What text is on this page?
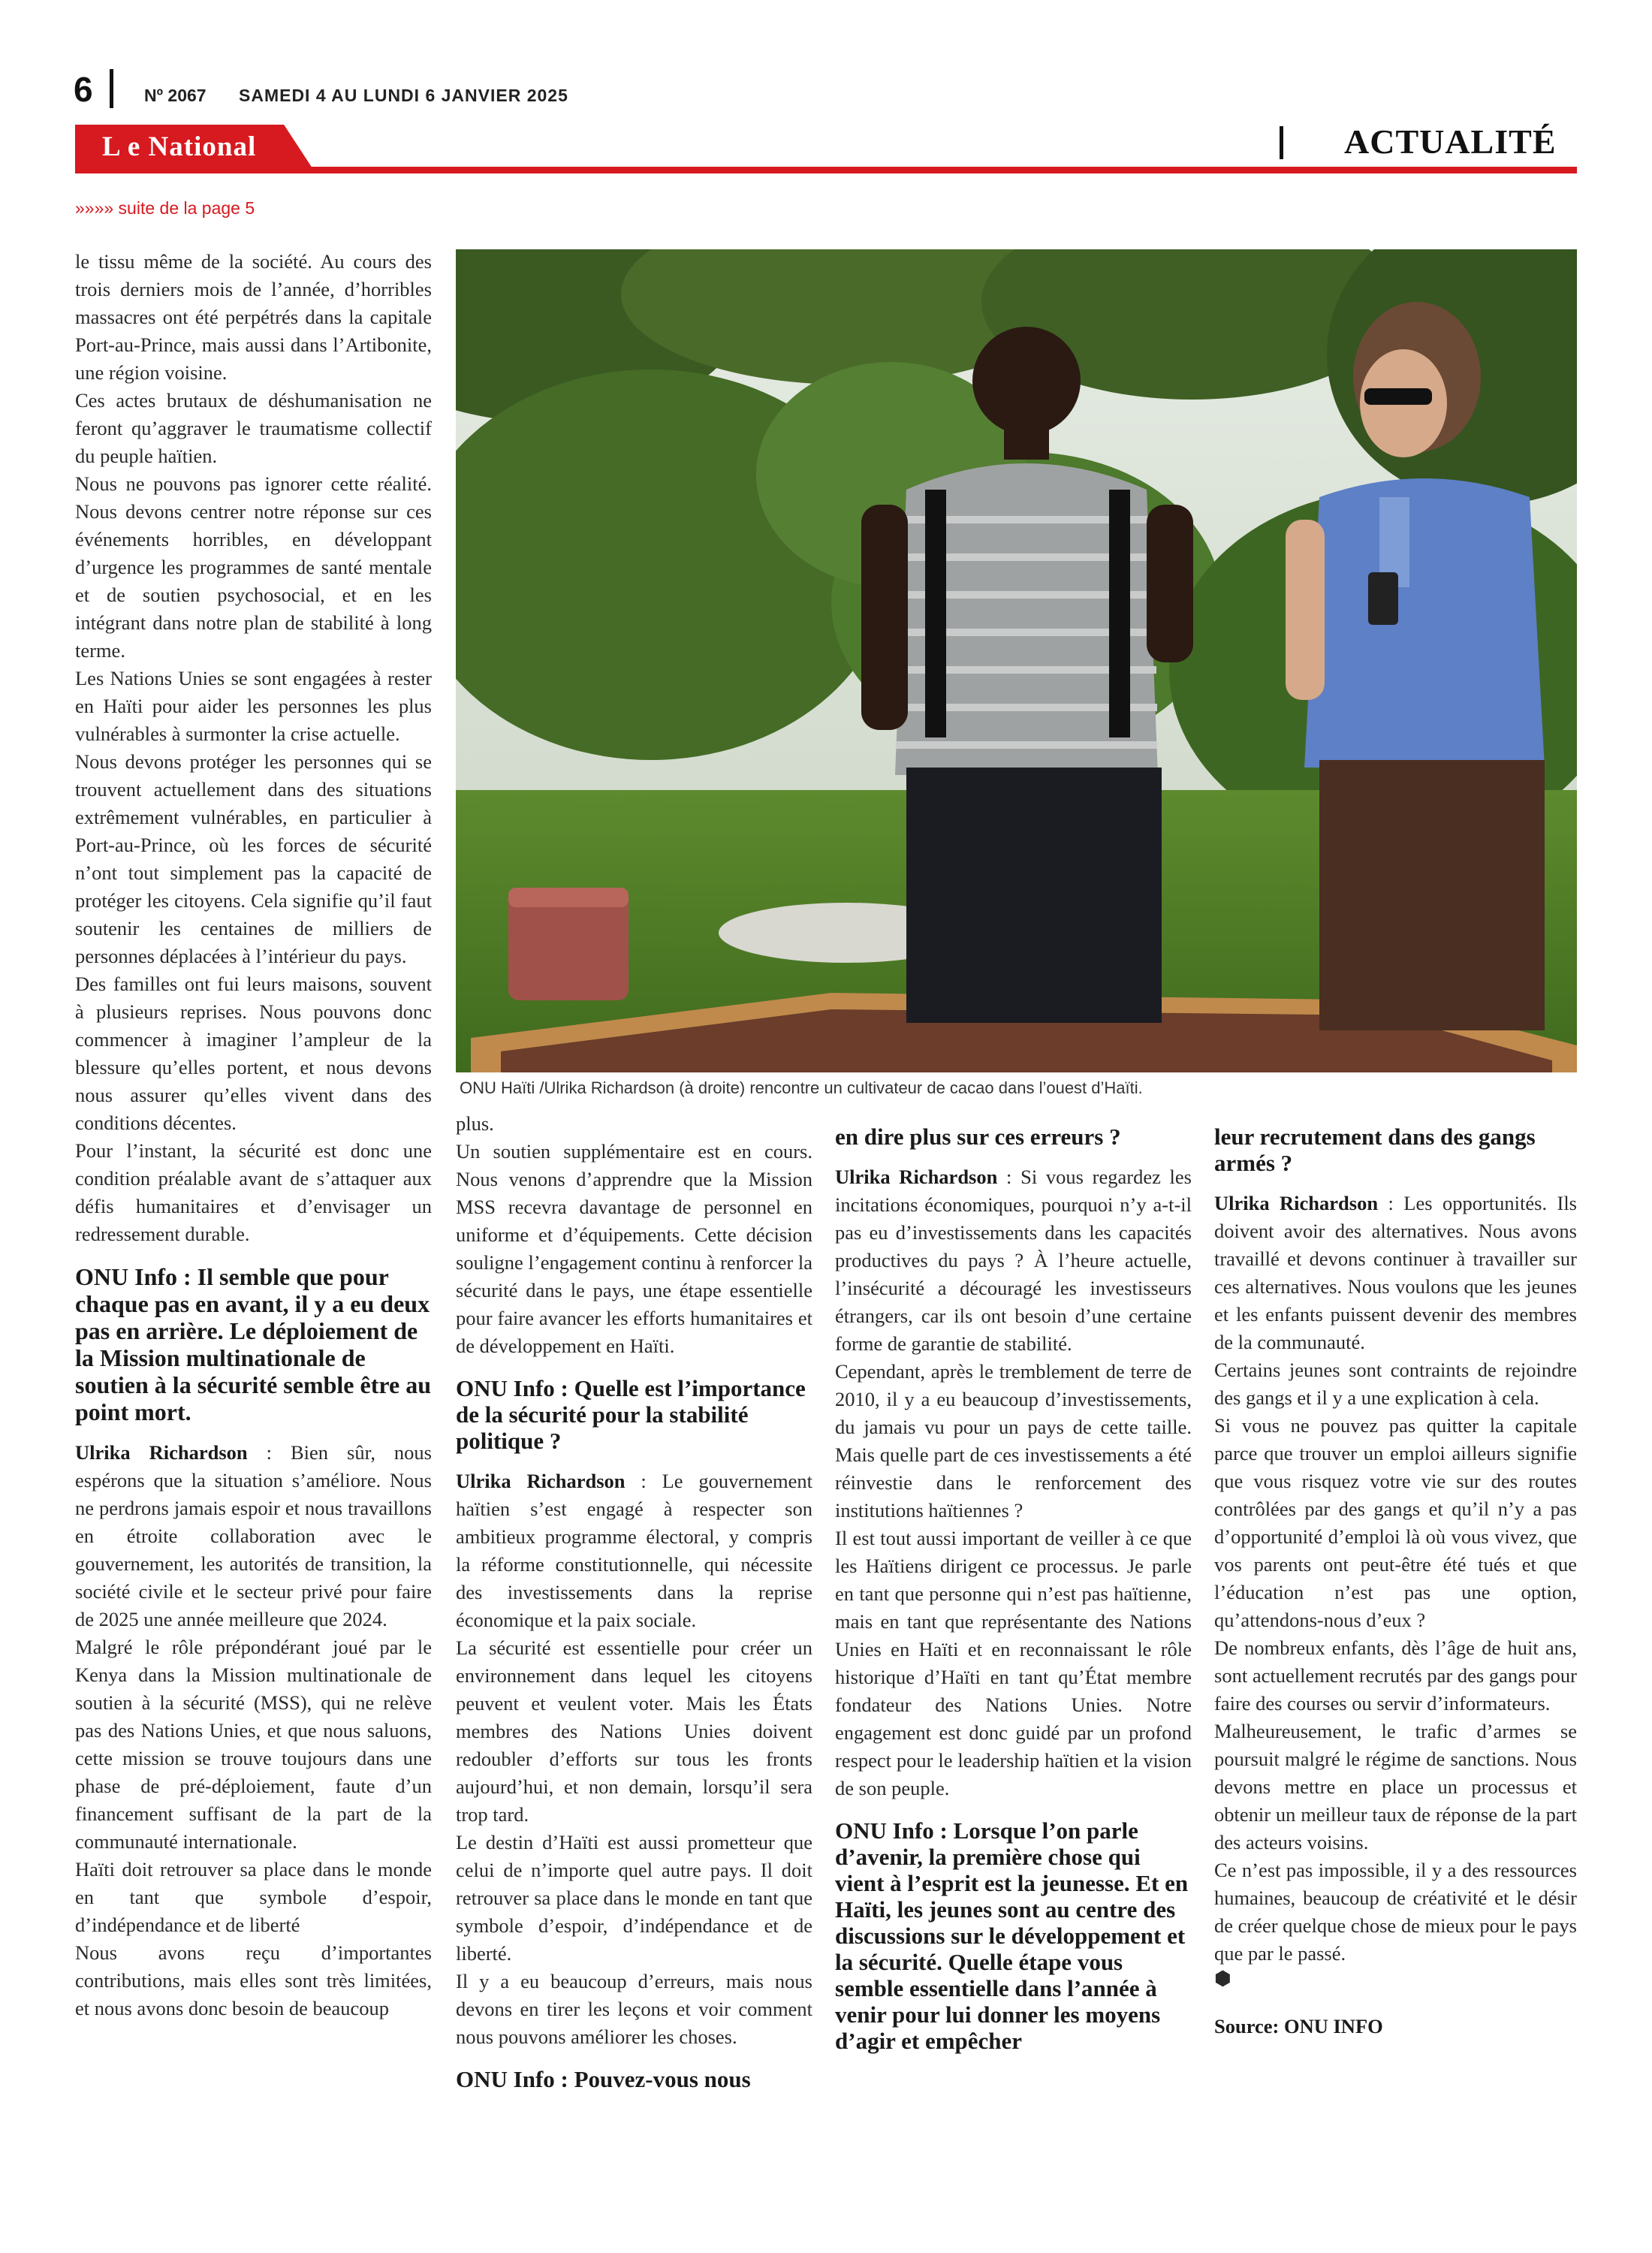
6	Nº 2067 SAMEDI 4 AU LUNDI 6 JANVIER 2025
L e National	ACTUALITÉ
»»»» suite de la page 5
ONU Haïti /Ulrika Richardson (à droite) rencontre un cultivateur de cacao dans l’ouest d’Haïti.

le tissu même de la société. Au cours des trois derniers mois de l’année, d’horribles massacres ont été perpétrés dans la capitale Port-au-Prince, mais aussi dans l’Artibonite, une région voisine.

Ces actes brutaux de déshumanisation ne feront qu’aggraver le traumatisme collectif du peuple haïtien.

Nous ne pouvons pas ignorer cette réalité. Nous devons centrer notre réponse sur ces événements horribles, en développant d’urgence les programmes de santé mentale et de soutien psychosocial, et en les intégrant dans notre plan de stabilité à long terme.

Les Nations Unies se sont engagées à rester en Haïti pour aider les personnes les plus vulnérables à surmonter la crise actuelle.

Nous devons protéger les personnes qui se trouvent actuellement dans des situations extrêmement vulnérables, en particulier à Port-au-Prince, où les forces de sécurité n’ont tout simplement pas la capacité de protéger les citoyens. Cela signifie qu’il faut soutenir les centaines de milliers de personnes déplacées à l’intérieur du pays.

Des familles ont fui leurs maisons, souvent à plusieurs reprises. Nous pouvons donc commencer à imaginer l’ampleur de la blessure qu’elles portent, et nous devons nous assurer qu’elles vivent dans des conditions décentes.

Pour l’instant, la sécurité est donc une condition préalable avant de s’attaquer aux défis humanitaires et d’envisager un redressement durable.

ONU Info : Il semble que pour chaque pas en avant, il y a eu deux pas en arrière. Le déploiement de la Mission multinationale de soutien à la sécurité semble être au point mort.

Ulrika Richardson : Bien sûr, nous espérons que la situation s’améliore. Nous ne perdrons jamais espoir et nous travaillons en étroite collaboration avec le gouvernement, les autorités de transition, la société civile et le secteur privé pour faire de 2025 une année meilleure que 2024.

Malgré le rôle prépondérant joué par le Kenya dans la Mission multinationale de soutien à la sécurité (MSS), qui ne relève pas des Nations Unies, et que nous saluons, cette mission se trouve toujours dans une phase de pré-déploiement, faute d’un financement suffisant de la part de la communauté internationale.

Haïti doit retrouver sa place dans le monde en tant que symbole d’espoir, d’indépendance et de liberté

Nous avons reçu d’importantes contributions, mais elles sont très limitées, et nous avons donc besoin de beaucoup

plus.

Un soutien supplémentaire est en cours. Nous venons d’apprendre que la Mission MSS recevra davantage de personnel en uniforme et d’équipements. Cette décision souligne l’engagement continu à renforcer la sécurité dans le pays, une étape essentielle pour faire avancer les efforts humanitaires et de développement en Haïti.

ONU Info : Quelle est l’importance de la sécurité pour la stabilité politique ?

Ulrika Richardson : Le gouvernement haïtien s’est engagé à respecter son ambitieux programme électoral, y compris la réforme constitutionnelle, qui nécessite des investissements dans la reprise économique et la paix sociale.

La sécurité est essentielle pour créer un environnement dans lequel les citoyens peuvent et veulent voter. Mais les États membres des Nations Unies doivent redoubler d’efforts sur tous les fronts aujourd’hui, et non demain, lorsqu’il sera trop tard.

Le destin d’Haïti est aussi prometteur que celui de n’importe quel autre pays. Il doit retrouver sa place dans le monde en tant que symbole d’espoir, d’indépendance et de liberté.

Il y a eu beaucoup d’erreurs, mais nous devons en tirer les leçons et voir comment nous pouvons améliorer les choses.

ONU Info : Pouvez-vous nous
en dire plus sur ces erreurs ?

Ulrika Richardson : Si vous regardez les incitations économiques, pourquoi n’y a-t-il pas eu d’investissements dans les capacités productives du pays ? À l’heure actuelle, l’insécurité a découragé les investisseurs étrangers, car ils ont besoin d’une certaine forme de garantie de stabilité.

Cependant, après le tremblement de terre de 2010, il y a eu beaucoup d’investissements, du jamais vu pour un pays de cette taille. Mais quelle part de ces investissements a été réinvestie dans le renforcement des institutions haïtiennes ?

Il est tout aussi important de veiller à ce que les Haïtiens dirigent ce processus. Je parle en tant que personne qui n’est pas haïtienne, mais en tant que représentante des Nations Unies en Haïti et en reconnaissant le rôle historique d’Haïti en tant qu’État membre fondateur des Nations Unies. Notre engagement est donc guidé par un profond respect pour le leadership haïtien et la vision de son peuple.

ONU Info : Lorsque l’on parle d’avenir, la première chose qui vient à l’esprit est la jeunesse. Et en Haïti, les jeunes sont au centre des discussions sur le développement et la sécurité. Quelle étape vous semble essentielle dans l’année à venir pour lui donner les moyens d’agir et empêcher
leur recrutement dans des gangs armés ?

Ulrika Richardson : Les opportunités. Ils doivent avoir des alternatives. Nous avons travaillé et devons continuer à travailler sur ces alternatives. Nous voulons que les jeunes et les enfants puissent devenir des membres de la communauté.

Certains jeunes sont contraints de rejoindre des gangs et il y a une explication à cela.

Si vous ne pouvez pas quitter la capitale parce que trouver un emploi ailleurs signifie que vous risquez votre vie sur des routes contrôlées par des gangs et qu’il n’y a pas d’opportunité d’emploi là où vous vivez, que vos parents ont peut-être été tués et que l’éducation n’est pas une option, qu’attendons-nous d’eux ?

De nombreux enfants, dès l’âge de huit ans, sont actuellement recrutés par des gangs pour faire des courses ou servir d’informateurs.

Malheureusement, le trafic d’armes se poursuit malgré le régime de sanctions. Nous devons mettre en place un processus et obtenir un meilleur taux de réponse de la part des acteurs voisins.

Ce n’est pas impossible, il y a des ressources humaines, beaucoup de créativité et le désir de créer quelque chose de mieux pour le pays que par le passé.

⬢

Source: ONU INFO
